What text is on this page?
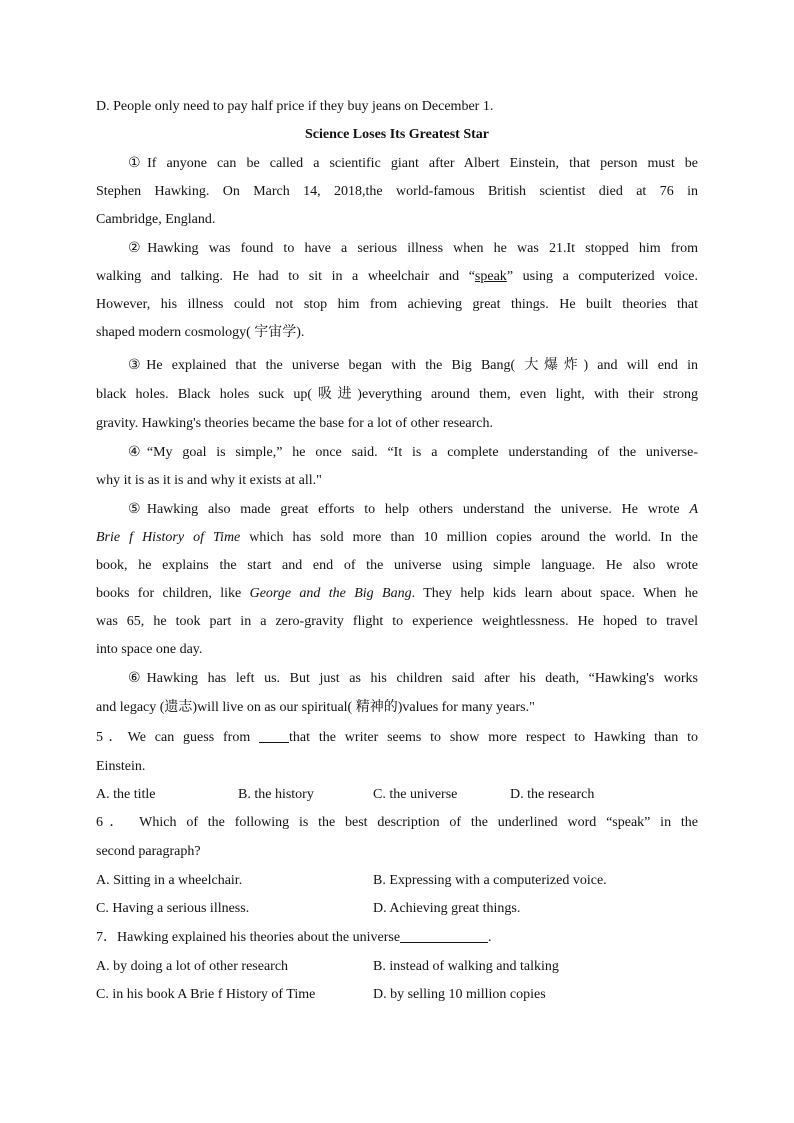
D. People only need to pay half price if they buy jeans on December 1.
Science Loses Its Greatest Star
①If anyone can be called a scientific giant after Albert Einstein, that person must be
Stephen Hawking. On March 14, 2018,the world-famous British scientist died at 76 in
Cambridge, England.
②Hawking was found to have a serious illness when he was 21.It stopped him from
walking and talking. He had to sit in a wheelchair and “speak” using a computerized voice.
However, his illness could not stop him from achieving great things. He built theories that
shaped modern cosmology( 宇宙学).
③He explained that the universe began with the Big Bang( 大爆炸) and will end in
black holes. Black holes suck up(吸进)everything around them, even light, with their strong
gravity. Hawking's theories became the base for a lot of other research.
④“My goal is simple,” he once said. “It is a complete understanding of the universe-
why it is as it is and why it exists at all."
⑤Hawking also made great efforts to help others understand the universe. He wrote A
Brie f History of Time which has sold more than 10 million copies around the world. In the
book, he explains the start and end of the universe using simple language. He also wrote
books for children, like George and the Big Bang. They help kids learn about space. When he
was 65, he took part in a zero-gravity flight to experience weightlessness. He hoped to travel
into space one day.
⑥Hawking has left us. But just as his children said after his death, “Hawking's works
and legacy (遗志)will live on as our spiritual( 精神的)values for many years."
5．We can guess from that the writer seems to show more respect to Hawking than to
Einstein.
A. the title	B. the history	C. the universe	D. the research
6． Which of the following is the best description of the underlined word “speak” in the
second paragraph?
A. Sitting in a wheelchair.	B. Expressing with a computerized voice.
C. Having a serious illness.	D. Achieving great things.
7．Hawking explained his theories about the universe	.
A. by doing a lot of other research	B. instead of walking and talking
C. in his book A Brie f History of Time	D. by selling 10 million copies
